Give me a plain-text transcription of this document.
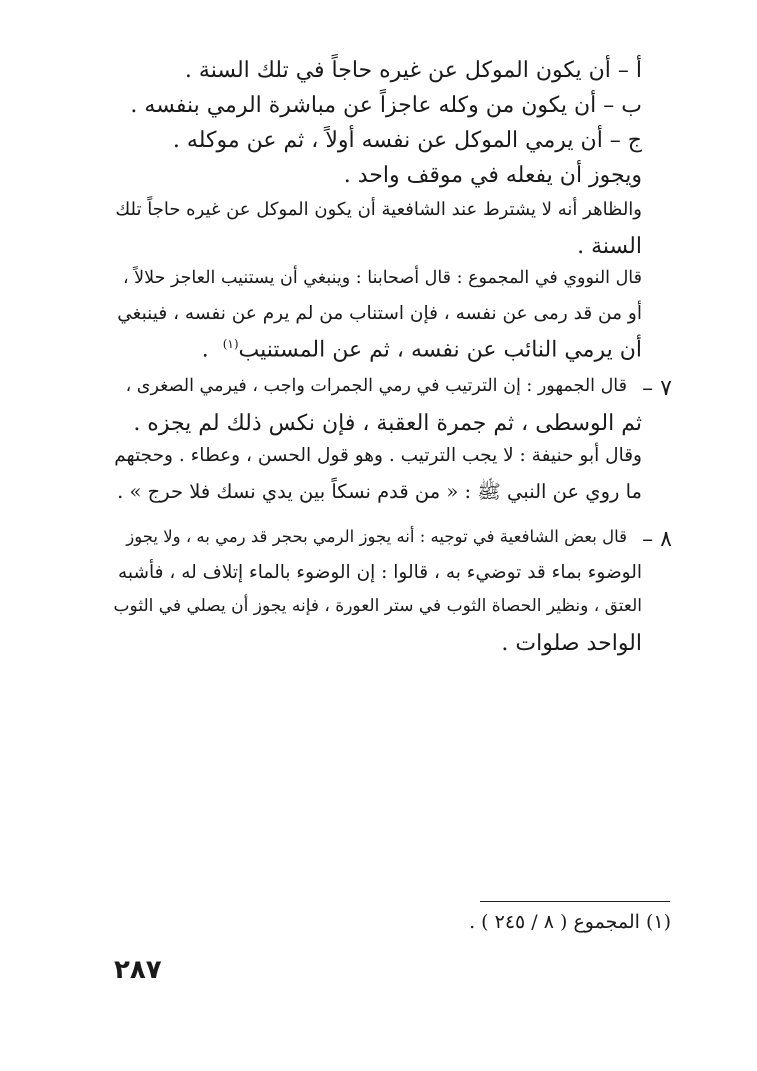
أ – أن يكون الموكل عن غيره حاجاً في تلك السنة .
ب – أن يكون من وكله عاجزاً عن مباشرة الرمي بنفسه .
ج – أن يرمي الموكل عن نفسه أولاً ، ثم عن موكله .
ويجوز أن يفعله في موقف واحد .
والظاهر أنه لا يشترط عند الشافعية أن يكون الموكل عن غيره حاجاً تلك
السنة .
قال النووي في المجموع : قال أصحابنا : وينبغي أن يستنيب العاجز حلالاً ،
أو من قد رمى عن نفسه ، فإن استناب من لم يرم عن نفسه ، فينبغي
أن يرمي النائب عن نفسه ، ثم عن المستنيب$^{(١)}$  .
٧ –
قال الجمهور : إن الترتيب في رمي الجمرات واجب ، فيرمي الصغرى ،
ثم الوسطى ، ثم جمرة العقبة ، فإن نكس ذلك لم يجزه .
وقال أبو حنيفة : لا يجب الترتيب . وهو قول الحسن ، وعطاء . وحجتهم
ما روي عن النبي ﷺ : « من قدم نسكاً بين يدي نسك فلا حرج » .
٨ –
قال بعض الشافعية في توجيه : أنه يجوز الرمي بحجر قد رمي به ، ولا يجوز
الوضوء بماء قد توضيء به ، قالوا : إن الوضوء بالماء إتلاف له ، فأشبه
العتق ، ونظير الحصاة الثوب في ستر العورة ، فإنه يجوز أن يصلي في الثوب
الواحد صلوات .
(١) المجموع ( ٨ / ٢٤٥ ) .
٢٨٧
